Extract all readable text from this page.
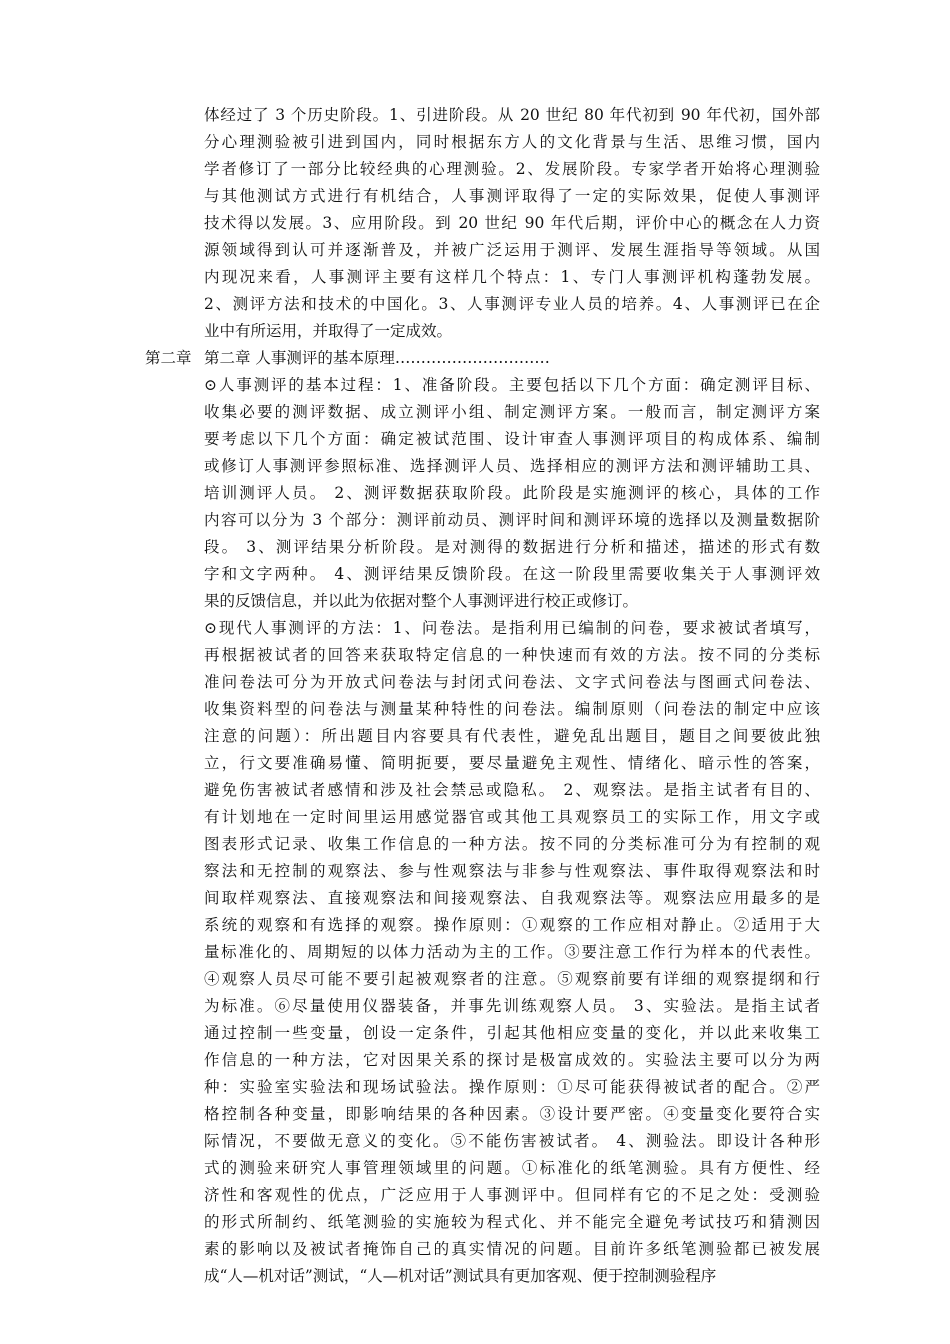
体经过了 3 个历史阶段。1、引进阶段。从 20 世纪 80 年代初到 90 年代初，国外部
分心理测验被引进到国内，同时根据东方人的文化背景与生活、思维习惯，国内
学者修订了一部分比较经典的心理测验。2、发展阶段。专家学者开始将心理测验
与其他测试方式进行有机结合，人事测评取得了一定的实际效果，促使人事测评
技术得以发展。3、应用阶段。到 20 世纪 90 年代后期，评价中心的概念在人力资
源领域得到认可并逐渐普及，并被广泛运用于测评、发展生涯指导等领域。从国
内现况来看，人事测评主要有这样几个特点：1、专门人事测评机构蓬勃发展。
2、测评方法和技术的中国化。3、人事测评专业人员的培养。4、人事测评已在企
业中有所运用，并取得了一定成效。
第二章 第二章 人事测评的基本原理…………………………
⊙人事测评的基本过程：1、准备阶段。主要包括以下几个方面：确定测评目标、
收集必要的测评数据、成立测评小组、制定测评方案。一般而言，制定测评方案
要考虑以下几个方面：确定被试范围、设计审查人事测评项目的构成体系、编制
或修订人事测评参照标准、选择测评人员、选择相应的测评方法和测评辅助工具、
培训测评人员。 2、测评数据获取阶段。此阶段是实施测评的核心，具体的工作
内容可以分为 3 个部分：测评前动员、测评时间和测评环境的选择以及测量数据阶
段。 3、测评结果分析阶段。是对测得的数据进行分析和描述，描述的形式有数
字和文字两种。 4、测评结果反馈阶段。在这一阶段里需要收集关于人事测评效
果的反馈信息，并以此为依据对整个人事测评进行校正或修订。
⊙现代人事测评的方法：1、问卷法。是指利用已编制的问卷，要求被试者填写，
再根据被试者的回答来获取特定信息的一种快速而有效的方法。按不同的分类标
准问卷法可分为开放式问卷法与封闭式问卷法、文字式问卷法与图画式问卷法、
收集资料型的问卷法与测量某种特性的问卷法。编制原则（问卷法的制定中应该
注意的问题）：所出题目内容要具有代表性，避免乱出题目，题目之间要彼此独
立，行文要准确易懂、简明扼要，要尽量避免主观性、情绪化、暗示性的答案，
避免伤害被试者感情和涉及社会禁忌或隐私。 2、观察法。是指主试者有目的、
有计划地在一定时间里运用感觉器官或其他工具观察员工的实际工作，用文字或
图表形式记录、收集工作信息的一种方法。按不同的分类标准可分为有控制的观
察法和无控制的观察法、参与性观察法与非参与性观察法、事件取得观察法和时
间取样观察法、直接观察法和间接观察法、自我观察法等。观察法应用最多的是
系统的观察和有选择的观察。操作原则：①观察的工作应相对静止。②适用于大
量标准化的、周期短的以体力活动为主的工作。③要注意工作行为样本的代表性。
④观察人员尽可能不要引起被观察者的注意。⑤观察前要有详细的观察提纲和行
为标准。⑥尽量使用仪器装备，并事先训练观察人员。 3、实验法。是指主试者
通过控制一些变量，创设一定条件，引起其他相应变量的变化，并以此来收集工
作信息的一种方法，它对因果关系的探讨是极富成效的。实验法主要可以分为两
种：实验室实验法和现场试验法。操作原则：①尽可能获得被试者的配合。②严
格控制各种变量，即影响结果的各种因素。③设计要严密。④变量变化要符合实
际情况，不要做无意义的变化。⑤不能伤害被试者。 4、测验法。即设计各种形
式的测验来研究人事管理领域里的问题。①标准化的纸笔测验。具有方便性、经
济性和客观性的优点，广泛应用于人事测评中。但同样有它的不足之处：受测验
的形式所制约、纸笔测验的实施较为程式化、并不能完全避免考试技巧和猜测因
素的影响以及被试者掩饰自己的真实情况的问题。目前许多纸笔测验都已被发展
成“人—机对话”测试，“人—机对话”测试具有更加客观、便于控制测验程序
